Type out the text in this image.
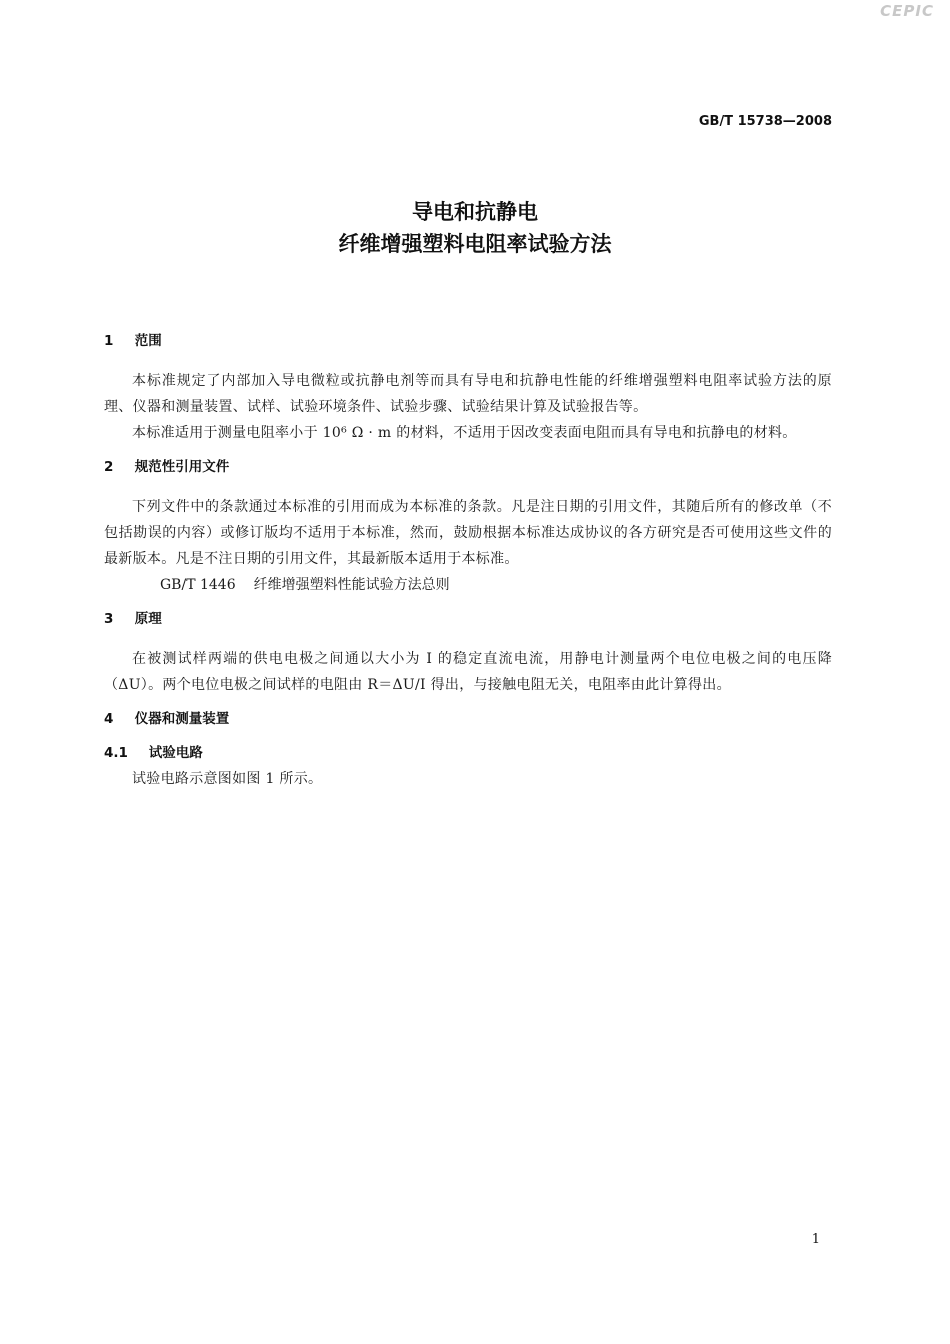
CEPIC
GB/T 15738—2008
导电和抗静电
纤维增强塑料电阻率试验方法
1 范围

本标准规定了内部加入导电微粒或抗静电剂等而具有导电和抗静电性能的纤维增强塑料电阻率试验方法的原理、仪器和测量装置、试样、试验环境条件、试验步骤、试验结果计算及试验报告等。

本标准适用于测量电阻率小于 10⁶ Ω · m 的材料，不适用于因改变表面电阻而具有导电和抗静电的材料。

2 规范性引用文件

下列文件中的条款通过本标准的引用而成为本标准的条款。凡是注日期的引用文件，其随后所有的修改单（不包括勘误的内容）或修订版均不适用于本标准，然而，鼓励根据本标准达成协议的各方研究是否可使用这些文件的最新版本。凡是不注日期的引用文件，其最新版本适用于本标准。

GB/T 1446 纤维增强塑料性能试验方法总则

3 原理

在被测试样两端的供电电极之间通以大小为 I 的稳定直流电流，用静电计测量两个电位电极之间的电压降（ΔU）。两个电位电极之间试样的电阻由 R＝ΔU/I 得出，与接触电阻无关，电阻率由此计算得出。

4 仪器和测量装置
4.1 试验电路

试验电路示意图如图 1 所示。

1
